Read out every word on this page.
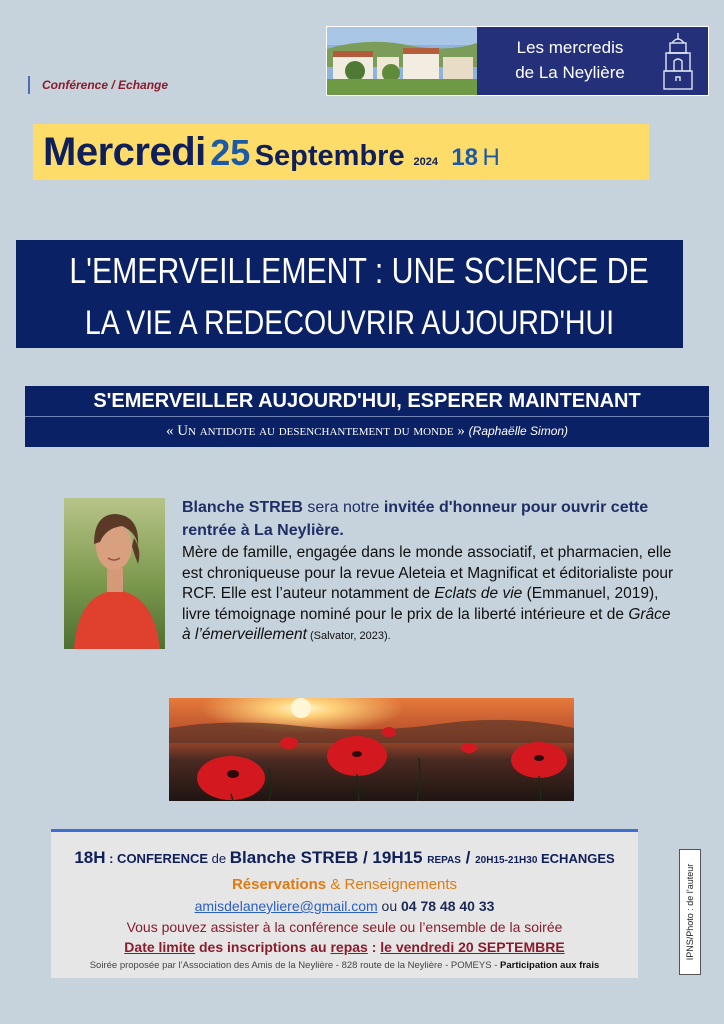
Les mercredis
de La Neylière
Conférence / Echange
Mercredi 25 Septembre 2024 18 H
L'EMERVEILLEMENT : UNE SCIENCE DE
LA VIE A REDECOUVRIR AUJOURD'HUI
S'EMERVEILLER AUJOURD'HUI, ESPERER MAINTENANT
« Un antidote au desenchantement du monde » (Raphaëlle Simon)
Blanche STREB sera notre invitée d'honneur pour ouvrir cette rentrée à La Neylière.
Mère de famille, engagée dans le monde associatif, et pharmacien, elle est chroniqueuse pour la revue Aleteia et Magnificat et éditorialiste pour RCF. Elle est l’auteur notamment de Eclats de vie (Emmanuel, 2019), livre témoignage nominé pour le prix de la liberté intérieure et de Grâce à l’émerveillement (Salvator, 2023).
18H : CONFERENCE de Blanche STREB / 19H15 REPAS / 20H15-21H30 ECHANGES
Réservations & Renseignements
amisdelaneyliere@gmail.com ou 04 78 48 40 33
Vous pouvez assister à la conférence seule ou l’ensemble de la soirée
Date limite des inscriptions au repas : le vendredi 20 SEPTEMBRE
Soirée proposée par l’Association des Amis de la Neylière - 828 route de la Neylière - POMEYS - Participation aux frais
IPNS/Photo : de l’auteur
